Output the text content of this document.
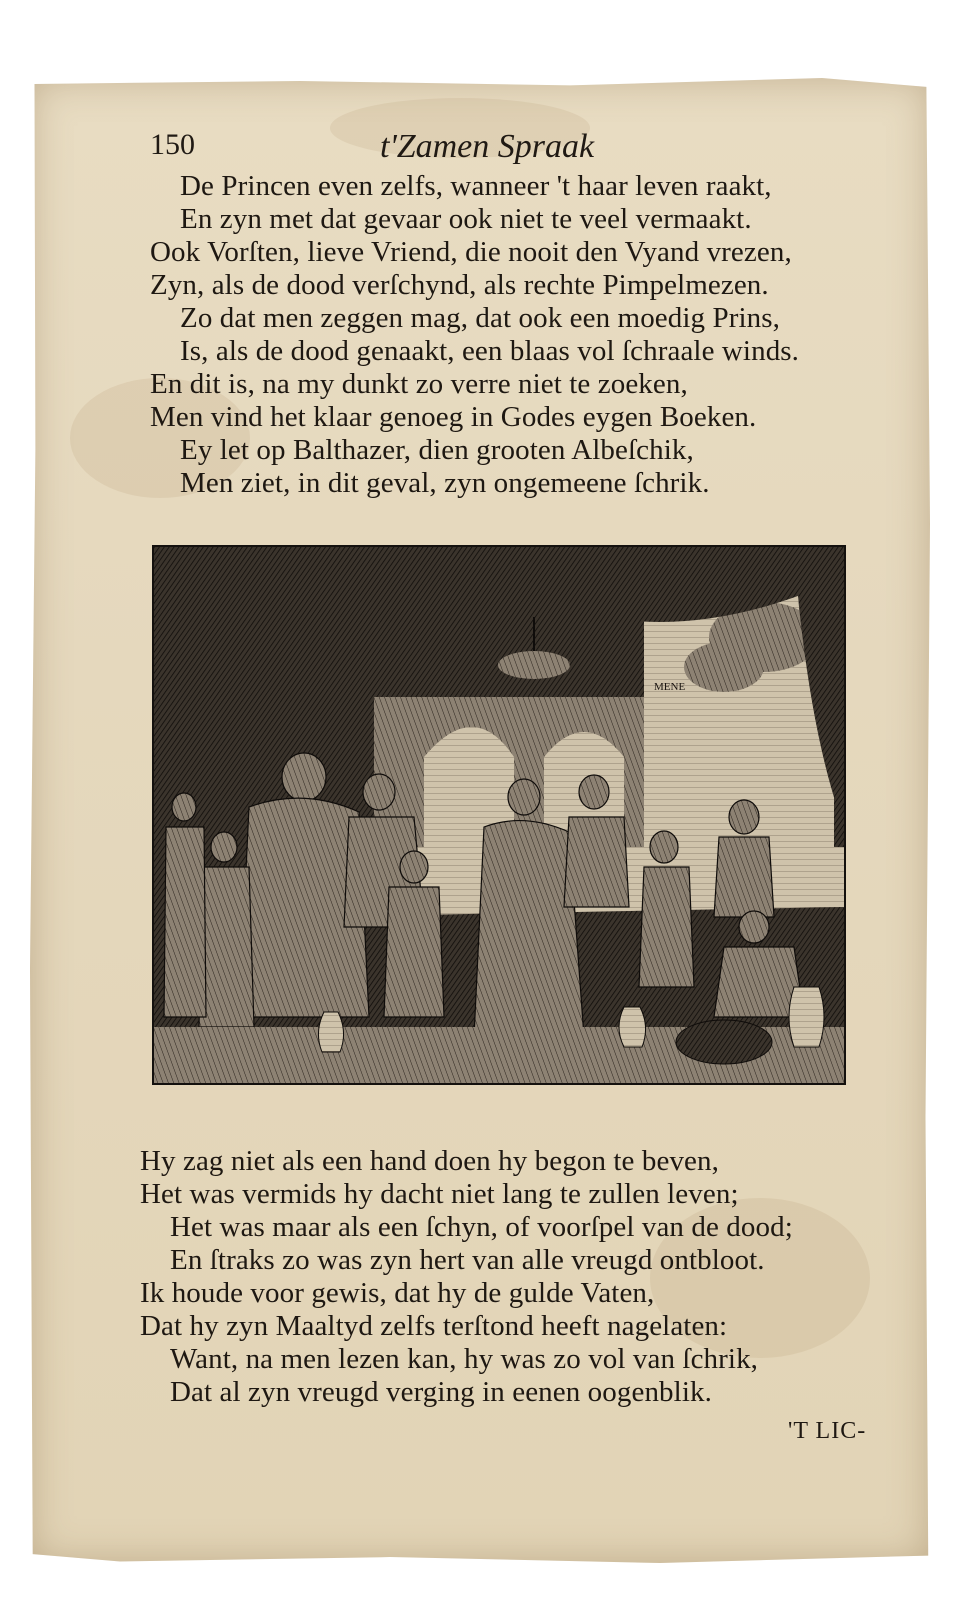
150	t'Zamen Spraak
De Princen even zelfs, wanneer 't haar leven raakt,
En zyn met dat gevaar ook niet te veel vermaakt.
Ook Vorſten, lieve Vriend, die nooit den Vyand vrezen,
Zyn, als de dood verſchynd, als rechte Pimpelmezen.
Zo dat men zeggen mag, dat ook een moedig Prins,
Is, als de dood genaakt, een blaas vol ſchraale winds.
En dit is, na my dunkt zo verre niet te zoeken,
Men vind het klaar genoeg in Godes eygen Boeken.
Ey let op Balthazer, dien grooten Albeſchik,
Men ziet, in dit geval, zyn ongemeene ſchrik.
MENE
Hy zag niet als een hand doen hy begon te beven,
Het was vermids hy dacht niet lang te zullen leven;
Het was maar als een ſchyn, of voorſpel van de dood;
En ſtraks zo was zyn hert van alle vreugd ontbloot.
Ik houde voor gewis, dat hy de gulde Vaten,
Dat hy zyn Maaltyd zelfs terſtond heeft nagelaten:
Want, na men lezen kan, hy was zo vol van ſchrik,
Dat al zyn vreugd verging in eenen oogenblik.
'T LIC-
